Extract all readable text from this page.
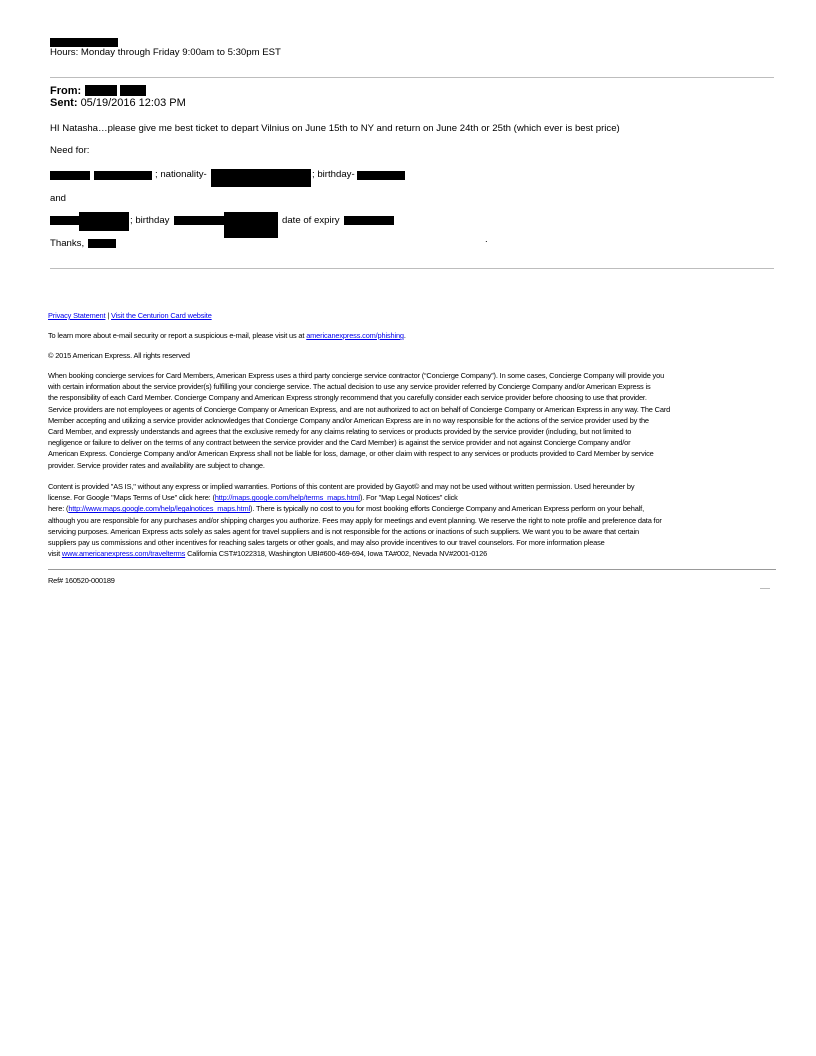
Hours: Monday through Friday 9:00am to 5:30pm EST
From:
Sent: 05/19/2016 12:03 PM
HI Natasha…please give me best ticket to depart Vilnius on June 15th to NY and return on June 24th or 25th (which ever is best price)
Need for:
; nationality-	; birthday-
and
; birthday	date of expiry
Thanks,	.
Privacy Statement | Visit the Centurion Card website
To learn more about e-mail security or report a suspicious e-mail, please visit us at americanexpress.com/phishing.
© 2015 American Express. All rights reserved

When booking concierge services for Card Members, American Express uses a third party concierge service contractor (“Concierge Company”). In some cases, Concierge Company will provide you

with certain information about the service provider(s) fulfilling your concierge service. The actual decision to use any service provider referred by Concierge Company and/or American Express is

the responsibility of each Card Member. Concierge Company and American Express strongly recommend that you carefully consider each service provider before choosing to use that provider.

Service providers are not employees or agents of Concierge Company or American Express, and are not authorized to act on behalf of Concierge Company or American Express in any way. The Card

Member accepting and utilizing a service provider acknowledges that Concierge Company and/or American Express are in no way responsible for the actions of the service provider used by the

Card Member, and expressly understands and agrees that the exclusive remedy for any claims relating to services or products provided by the service provider (including, but not limited to

negligence or failure to deliver on the terms of any contract between the service provider and the Card Member) is against the service provider and not against Concierge Company and/or

American Express. Concierge Company and/or American Express shall not be liable for loss, damage, or other claim with respect to any services or products provided to Card Member by service

provider. Service provider rates and availability are subject to change.

Content is provided "AS IS," without any express or implied warranties. Portions of this content are provided by Gayot© and may not be used without written permission. Used hereunder by

license. For Google "Maps Terms of Use" click here: (http://maps.google.com/help/terms_maps.html). For "Map Legal Notices" click

here: (http://www.maps.google.com/help/legalnotices_maps.html). There is typically no cost to you for most booking efforts Concierge Company and American Express perform on your behalf,

although you are responsible for any purchases and/or shipping charges you authorize. Fees may apply for meetings and event planning. We reserve the right to note profile and preference data for

servicing purposes. American Express acts solely as sales agent for travel suppliers and is not responsible for the actions or inactions of such suppliers. We want you to be aware that certain

suppliers pay us commissions and other incentives for reaching sales targets or other goals, and may also provide incentives to our travel counselors. For more information please

visit www.americanexpress.com/travelterms California CST#1022318, Washington UBI#600-469-694, Iowa TA#002, Nevada NV#2001-0126

Ref# 160520-000189
